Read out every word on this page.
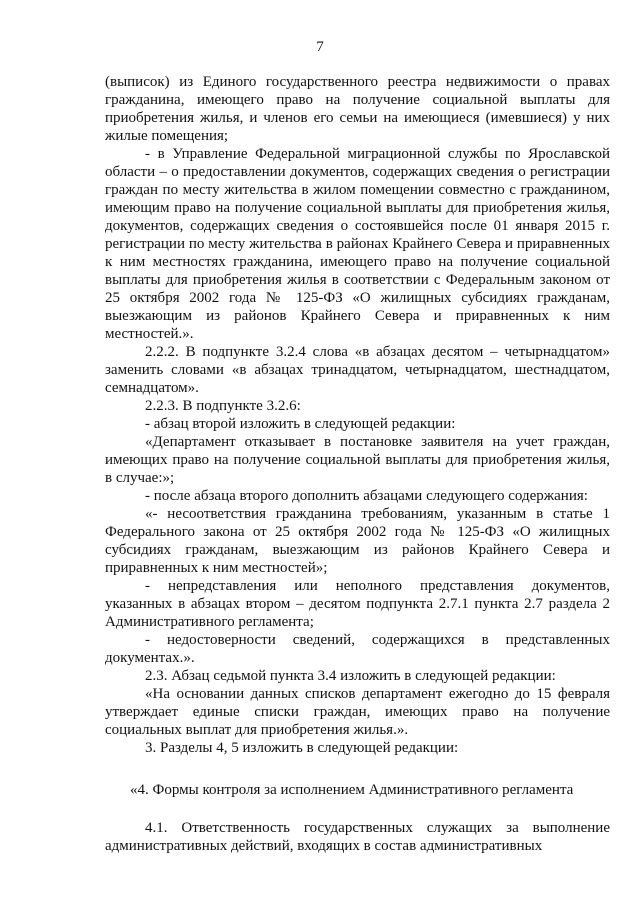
7

(выписок) из Единого государственного реестра недвижимости о правах гражданина, имеющего право на получение социальной выплаты для приобретения жилья, и членов его семьи на имеющиеся (имевшиеся) у них жилые помещения;

- в Управление Федеральной миграционной службы по Ярославской области – о предоставлении документов, содержащих сведения о регистрации граждан по месту жительства в жилом помещении совместно с гражданином, имеющим право на получение социальной выплаты для приобретения жилья, документов, содержащих сведения о состоявшейся после 01 января 2015 г. регистрации по месту жительства в районах Крайнего Севера и приравненных к ним местностях гражданина, имеющего право на получение социальной выплаты для приобретения жилья в соответствии с Федеральным законом от 25 октября 2002 года № 125-ФЗ «О жилищных субсидиях гражданам, выезжающим из районов Крайнего Севера и приравненных к ним местностей.».

2.2.2. В подпункте 3.2.4 слова «в абзацах десятом – четырнадцатом» заменить словами «в абзацах тринадцатом, четырнадцатом, шестнадцатом, семнадцатом».

2.2.3. В подпункте 3.2.6:

- абзац второй изложить в следующей редакции:

«Департамент отказывает в постановке заявителя на учет граждан, имеющих право на получение социальной выплаты для приобретения жилья, в случае:»;

- после абзаца второго дополнить абзацами следующего содержания:

«- несоответствия гражданина требованиям, указанным в статье 1 Федерального закона от 25 октября 2002 года № 125-ФЗ «О жилищных субсидиях гражданам, выезжающим из районов Крайнего Севера и приравненных к ним местностей»;

- непредставления или неполного представления документов, указанных в абзацах втором – десятом подпункта 2.7.1 пункта 2.7 раздела 2 Административного регламента;

- недостоверности сведений, содержащихся в представленных документах.».

2.3. Абзац седьмой пункта 3.4 изложить в следующей редакции:

«На основании данных списков департамент ежегодно до 15 февраля утверждает единые списки граждан, имеющих право на получение социальных выплат для приобретения жилья.».

3. Разделы 4, 5 изложить в следующей редакции:

«4. Формы контроля за исполнением Административного регламента

4.1. Ответственность государственных служащих за выполнение административных действий, входящих в состав административных
